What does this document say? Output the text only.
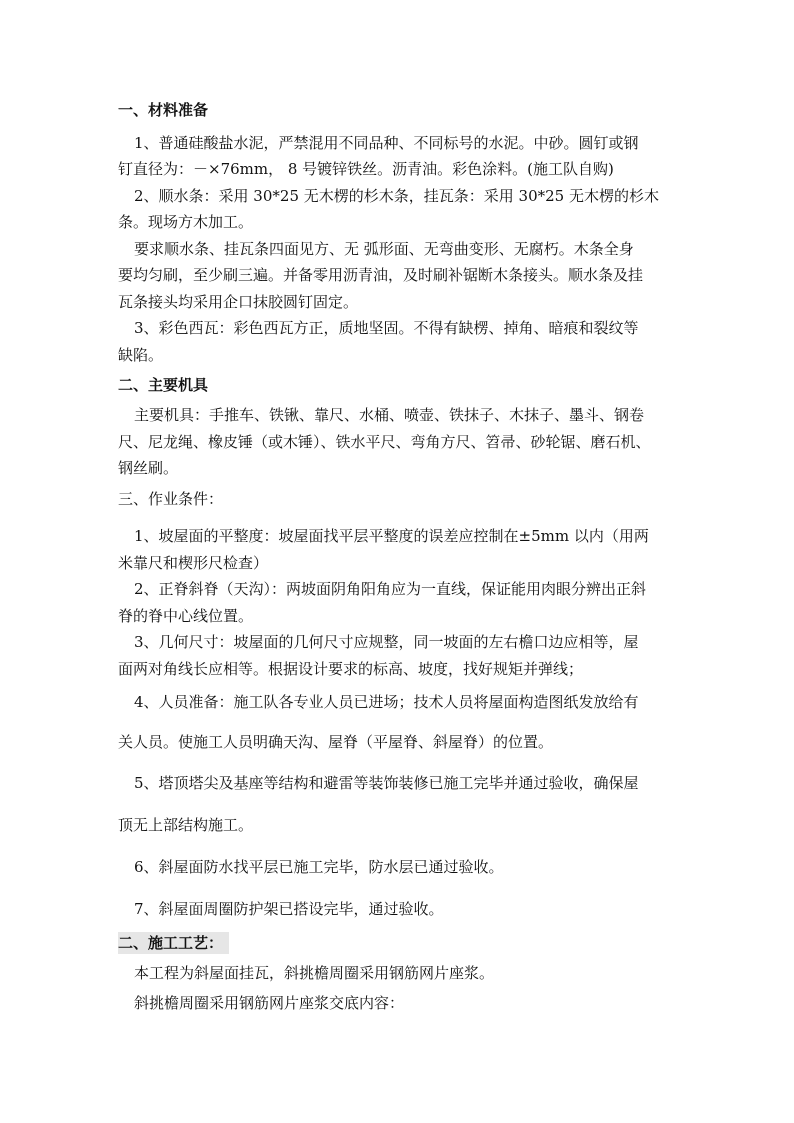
一、材料准备
1、普通硅酸盐水泥，严禁混用不同品种、不同标号的水泥。中砂。圆钉或钢
钉直径为：－×76mm， 8 号镀锌铁丝。沥青油。彩色涂料。(施工队自购)
2、顺水条：采用 30*25 无木楞的杉木条，挂瓦条：采用 30*25 无木楞的杉木
条。现场方木加工。
要求顺水条、挂瓦条四面见方、无 弧形面、无弯曲变形、无腐朽。木条全身
要均匀刷，至少刷三遍。并备零用沥青油，及时刷补锯断木条接头。顺水条及挂
瓦条接头均采用企口抹胶圆钉固定。
3、彩色西瓦：彩色西瓦方正，质地坚固。不得有缺楞、掉角、暗痕和裂纹等
缺陷。
二、主要机具
主要机具：手推车、铁锹、靠尺、水桶、喷壶、铁抹子、木抹子、墨斗、钢卷
尺、尼龙绳、橡皮锤（或木锤）、铁水平尺、弯角方尺、笤帚、砂轮锯、磨石机、
钢丝刷。
三、作业条件：
1、坡屋面的平整度：坡屋面找平层平整度的误差应控制在±5mm 以内（用两
米靠尺和楔形尺检查）
2、正脊斜脊（天沟）：两坡面阴角阳角应为一直线，保证能用肉眼分辨出正斜
脊的脊中心线位置。
3、几何尺寸：坡屋面的几何尺寸应规整，同一坡面的左右檐口边应相等，屋
面两对角线长应相等。根据设计要求的标高、坡度，找好规矩并弹线；
4、人员准备：施工队各专业人员已进场；技术人员将屋面构造图纸发放给有
关人员。使施工人员明确天沟、屋脊（平屋脊、斜屋脊）的位置。
5、塔顶塔尖及基座等结构和避雷等装饰装修已施工完毕并通过验收，确保屋
顶无上部结构施工。
6、斜屋面防水找平层已施工完毕，防水层已通过验收。
7、斜屋面周圈防护架已搭设完毕，通过验收。
二、施工工艺：
本工程为斜屋面挂瓦，斜挑檐周圈采用钢筋网片座浆。
斜挑檐周圈采用钢筋网片座浆交底内容：
